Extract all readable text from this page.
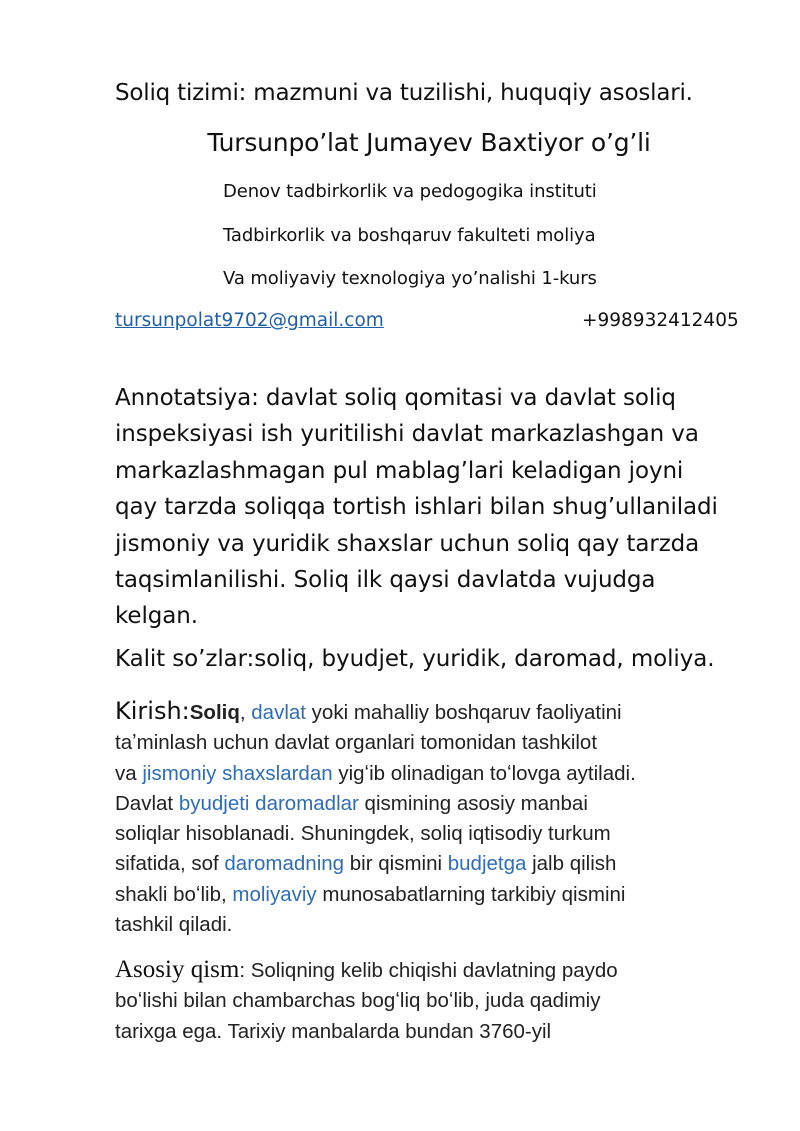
Soliq tizimi: mazmuni va tuzilishi, huquqiy asoslari.
Tursunpo’lat Jumayev Baxtiyor o’g’li
Denov tadbirkorlik va pedogogika instituti
Tadbirkorlik va boshqaruv fakulteti moliya
Va moliyaviy texnologiya yo’nalishi 1-kurs
tursunpolat9702@gmail.com	+998932412405
Annotatsiya: davlat soliq qomitasi va davlat soliq
inspeksiyasi ish yuritilishi davlat markazlashgan va
markazlashmagan pul mablag’lari keladigan joyni
qay tarzda soliqqa tortish ishlari bilan shug’ullaniladi
jismoniy va yuridik shaxslar uchun soliq qay tarzda
taqsimlanilishi. Soliq ilk qaysi davlatda vujudga
kelgan.
Kalit so’zlar:soliq, byudjet, yuridik, daromad, moliya.
Kirish:Soliq, davlat yoki mahalliy boshqaruv faoliyatini
taʼminlash uchun davlat organlari tomonidan tashkilot
va jismoniy shaxslardan yigʻib olinadigan toʻlovga aytiladi.
Davlat byudjeti daromadlar qismining asosiy manbai
soliqlar hisoblanadi. Shuningdek, soliq iqtisodiy turkum
sifatida, sof daromadning bir qismini budjetga jalb qilish
shakli boʻlib, moliyaviy munosabatlarning tarkibiy qismini
tashkil qiladi.
Asosiy qism: Soliqning kelib chiqishi davlatning paydo
boʻlishi bilan chambarchas bogʻliq boʻlib, juda qadimiy
tarixga ega. Tarixiy manbalarda bundan 3760-yil
